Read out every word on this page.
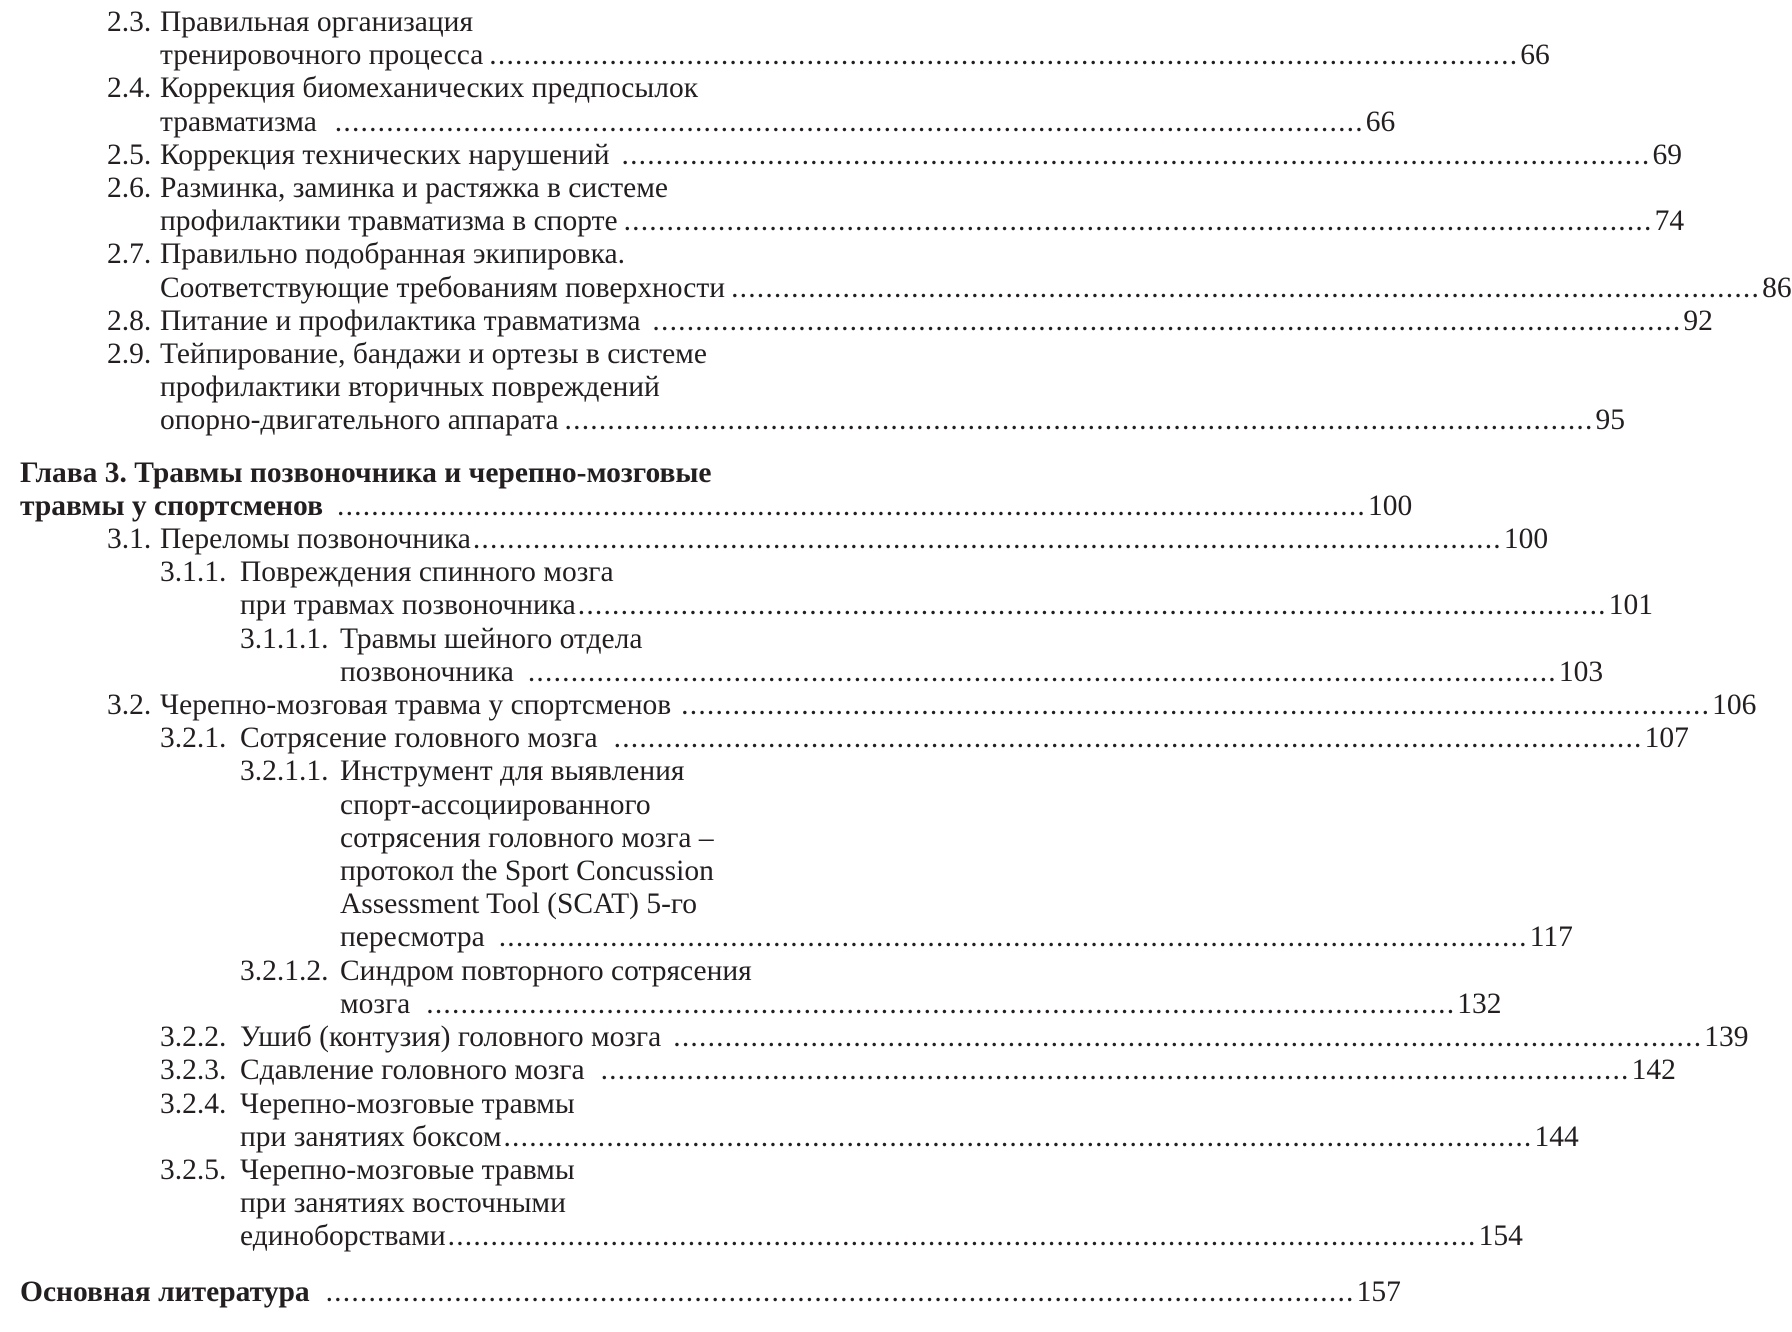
2.3. Правильная организация
тренировочного процесса ........................................................................................................................ 66
2.4. Коррекция биомеханических предпосылок
травматизма ........................................................................................................................ 66
2.5. Коррекция технических нарушений ........................................................................................................................ 69
2.6. Разминка, заминка и растяжка в системе
профилактики травматизма в спорте ........................................................................................................................ 74
2.7. Правильно подобранная экипировка.
Соответствующие требованиям поверхности ........................................................................................................................ 86
2.8. Питание и профилактика травматизма ........................................................................................................................ 92
2.9. Тейпирование, бандажи и ортезы в системе
профилактики вторичных повреждений
опорно-двигательного аппарата ........................................................................................................................ 95
Глава 3. Травмы позвоночника и черепно-мозговые
травмы у спортсменов ........................................................................................................................ 100
3.1. Переломы позвоночника ........................................................................................................................ 100
3.1.1. Повреждения спинного мозга
при травмах позвоночника ........................................................................................................................ 101
3.1.1.1. Травмы шейного отдела
позвоночника ........................................................................................................................ 103
3.2. Черепно-мозговая травма у спортсменов ........................................................................................................................ 106
3.2.1. Сотрясение головного мозга ........................................................................................................................ 107
3.2.1.1. Инструмент для выявления
спорт-ассоциированного
сотрясения головного мозга –
протокол the Sport Concussion
Assessment Tool (SCAT) 5-го
пересмотра ........................................................................................................................ 117
3.2.1.2. Синдром повторного сотрясения
мозга ........................................................................................................................ 132
3.2.2. Ушиб (контузия) головного мозга ........................................................................................................................ 139
3.2.3. Сдавление головного мозга ........................................................................................................................ 142
3.2.4. Черепно-мозговые травмы
при занятиях боксом ........................................................................................................................ 144
3.2.5. Черепно-мозговые травмы
при занятиях восточными
единоборствами ........................................................................................................................ 154
Основная литература ........................................................................................................................ 157
